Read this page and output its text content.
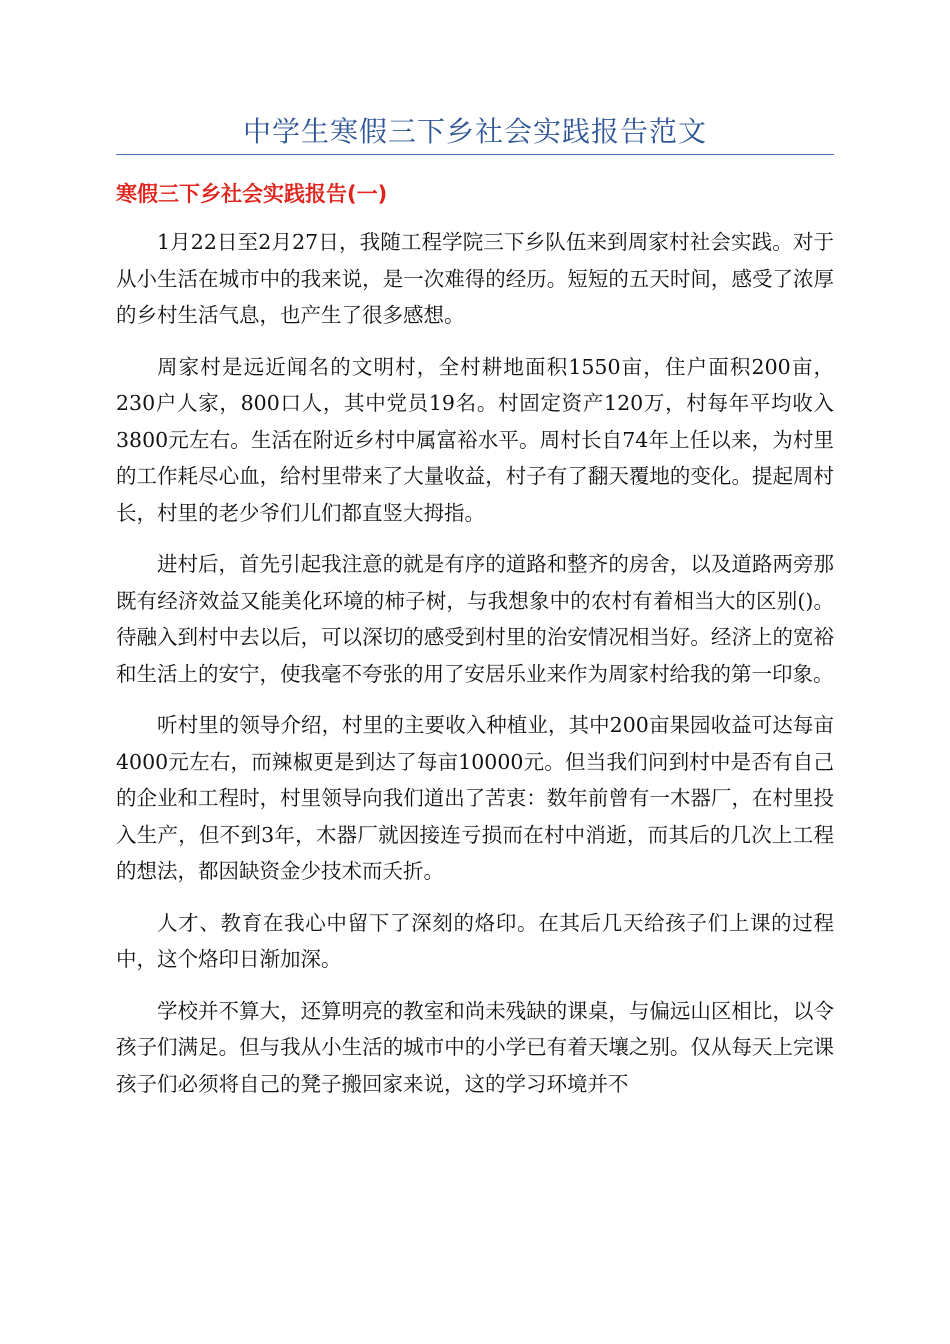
中学生寒假三下乡社会实践报告范文
寒假三下乡社会实践报告(一)

1月22日至2月27日，我随工程学院三下乡队伍来到周家村社会实践。对于从小生活在城市中的我来说，是一次难得的经历。短短的五天时间，感受了浓厚的乡村生活气息，也产生了很多感想。

周家村是远近闻名的文明村，全村耕地面积1550亩，住户面积200亩，230户人家，800口人，其中党员19名。村固定资产120万，村每年平均收入3800元左右。生活在附近乡村中属富裕水平。周村长自74年上任以来，为村里的工作耗尽心血，给村里带来了大量收益，村子有了翻天覆地的变化。提起周村长，村里的老少爷们儿们都直竖大拇指。

进村后，首先引起我注意的就是有序的道路和整齐的房舍，以及道路两旁那既有经济效益又能美化环境的柿子树，与我想象中的农村有着相当大的区别()。待融入到村中去以后，可以深切的感受到村里的治安情况相当好。经济上的宽裕和生活上的安宁，使我毫不夸张的用了安居乐业来作为周家村给我的第一印象。

听村里的领导介绍，村里的主要收入种植业，其中200亩果园收益可达每亩4000元左右，而辣椒更是到达了每亩10000元。但当我们问到村中是否有自己的企业和工程时，村里领导向我们道出了苦衷：数年前曾有一木器厂，在村里投入生产，但不到3年，木器厂就因接连亏损而在村中消逝，而其后的几次上工程的想法，都因缺资金少技术而夭折。

人才、教育在我心中留下了深刻的烙印。在其后几天给孩子们上课的过程中，这个烙印日渐加深。

学校并不算大，还算明亮的教室和尚未残缺的课桌，与偏远山区相比，以令孩子们满足。但与我从小生活的城市中的小学已有着天壤之别。仅从每天上完课孩子们必须将自己的凳子搬回家来说，这的学习环境并不
